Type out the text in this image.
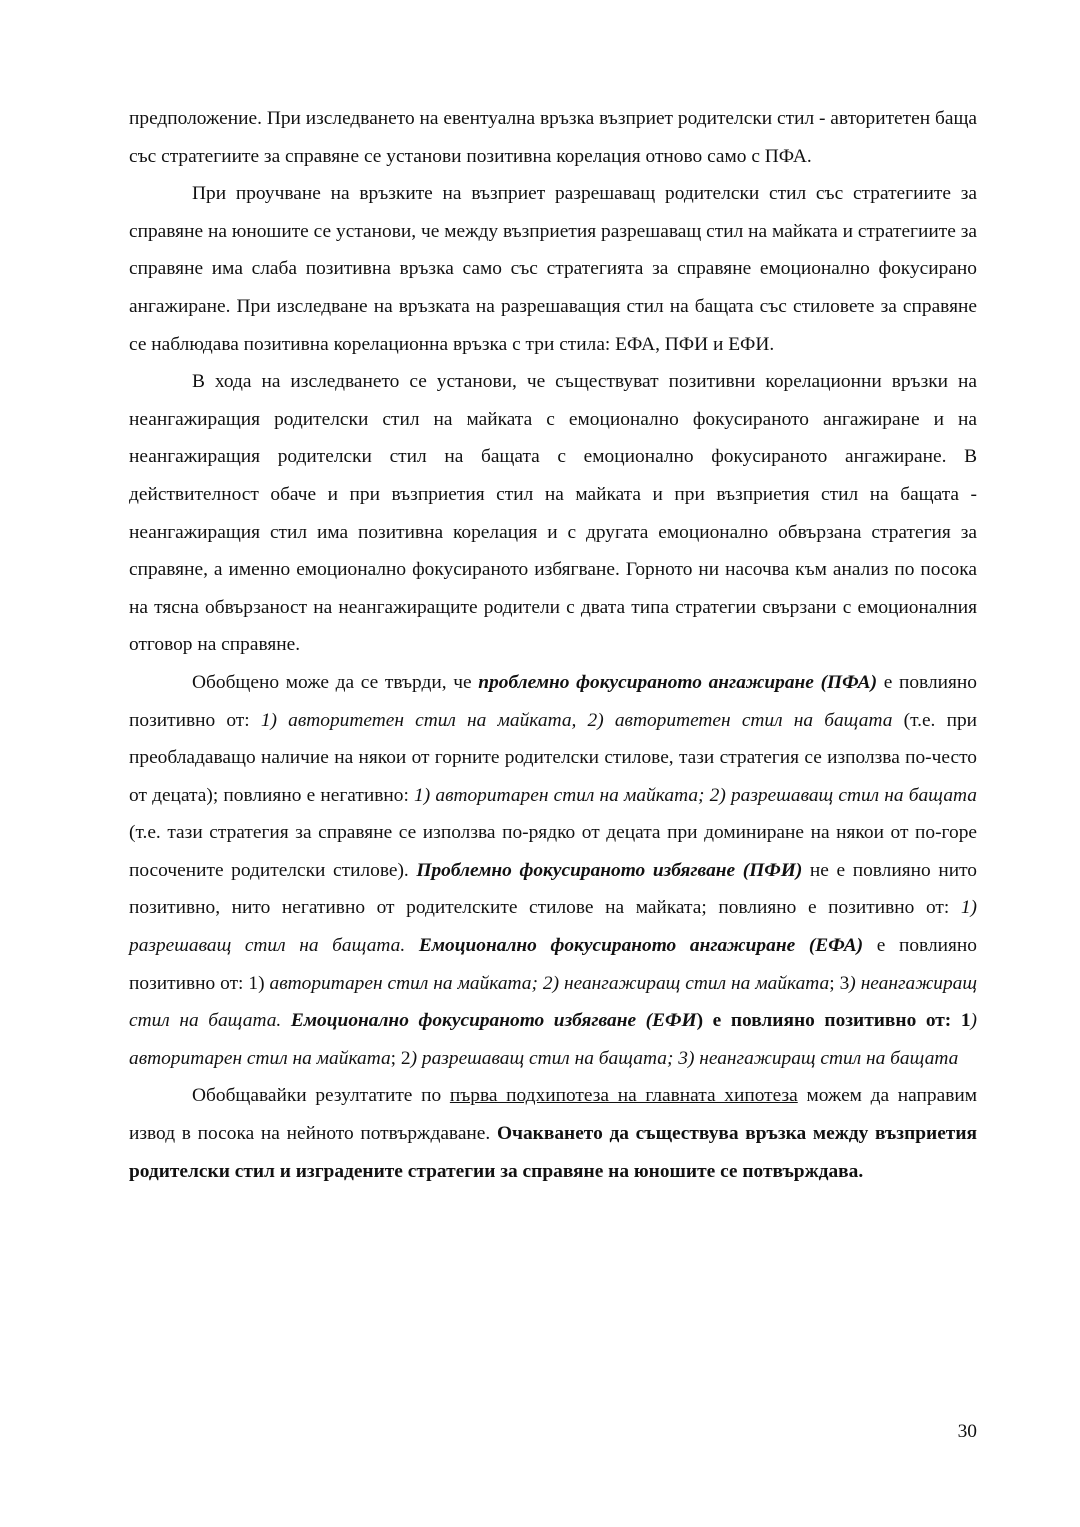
предположение. При изследването на евентуална връзка възприет родителски стил - авторитетен баща със стратегиите за справяне се установи позитивна корелация отново само с ПФА.

При проучване на връзките на възприет разрешаващ родителски стил със стратегиите за справяне на юношите се установи, че между възприетия разрешаващ стил на майката и стратегиите за справяне има слаба позитивна връзка само със стратегията за справяне емоционално фокусирано ангажиране. При изследване на връзката на разрешаващия стил на бащата със стиловете за справяне се наблюдава позитивна корелационна връзка с три стила: ЕФА, ПФИ и ЕФИ.

В хода на изследването се установи, че съществуват позитивни корелационни връзки на неангажиращия родителски стил на майката с емоционално фокусираното ангажиране и на неангажиращия родителски стил на бащата с емоционално фокусираното ангажиране. В действителност обаче и при възприетия стил на майката и при възприетия стил на бащата - неангажиращия стил има позитивна корелация и с другата емоционално обвързана стратегия за справяне, а именно емоционално фокусираното избягване. Горното ни насочва към анализ по посока на тясна обвързаност на неангажиращите родители с двата типа стратегии свързани с емоционалния отговор на справяне.

Обобщено може да се твърди, че проблемно фокусираното ангажиране (ПФА) е повлияно позитивно от: 1) авторитетен стил на майката, 2) авторитетен стил на бащата (т.е. при преобладаващо наличие на някои от горните родителски стилове, тази стратегия се използва по-често от децата); повлияно е негативно: 1) авторитарен стил на майката; 2) разрешаващ стил на бащата (т.е. тази стратегия за справяне се използва по-рядко от децата при доминиране на някои от по-горе посочените родителски стилове). Проблемно фокусираното избягване (ПФИ) не е повлияно нито позитивно, нито негативно от родителските стилове на майката; повлияно е позитивно от: 1) разрешаващ стил на бащата. Емоционално фокусираното ангажиране (ЕФА) е повлияно позитивно от: 1) авторитарен стил на майката; 2) неангажиращ стил на майката; 3) неангажиращ стил на бащата. Емоционално фокусираното избягване (ЕФИ) е повлияно позитивно от: 1) авторитарен стил на майката; 2) разрешаващ стил на бащата; 3) неангажиращ стил на бащата

Обобщавайки резултатите по първа подхипотеза на главната хипотеза можем да направим извод в посока на нейното потвърждаване. Очакването да съществува връзка между възприетия родителски стил и изградените стратегии за справяне на юношите се потвърждава.

30
